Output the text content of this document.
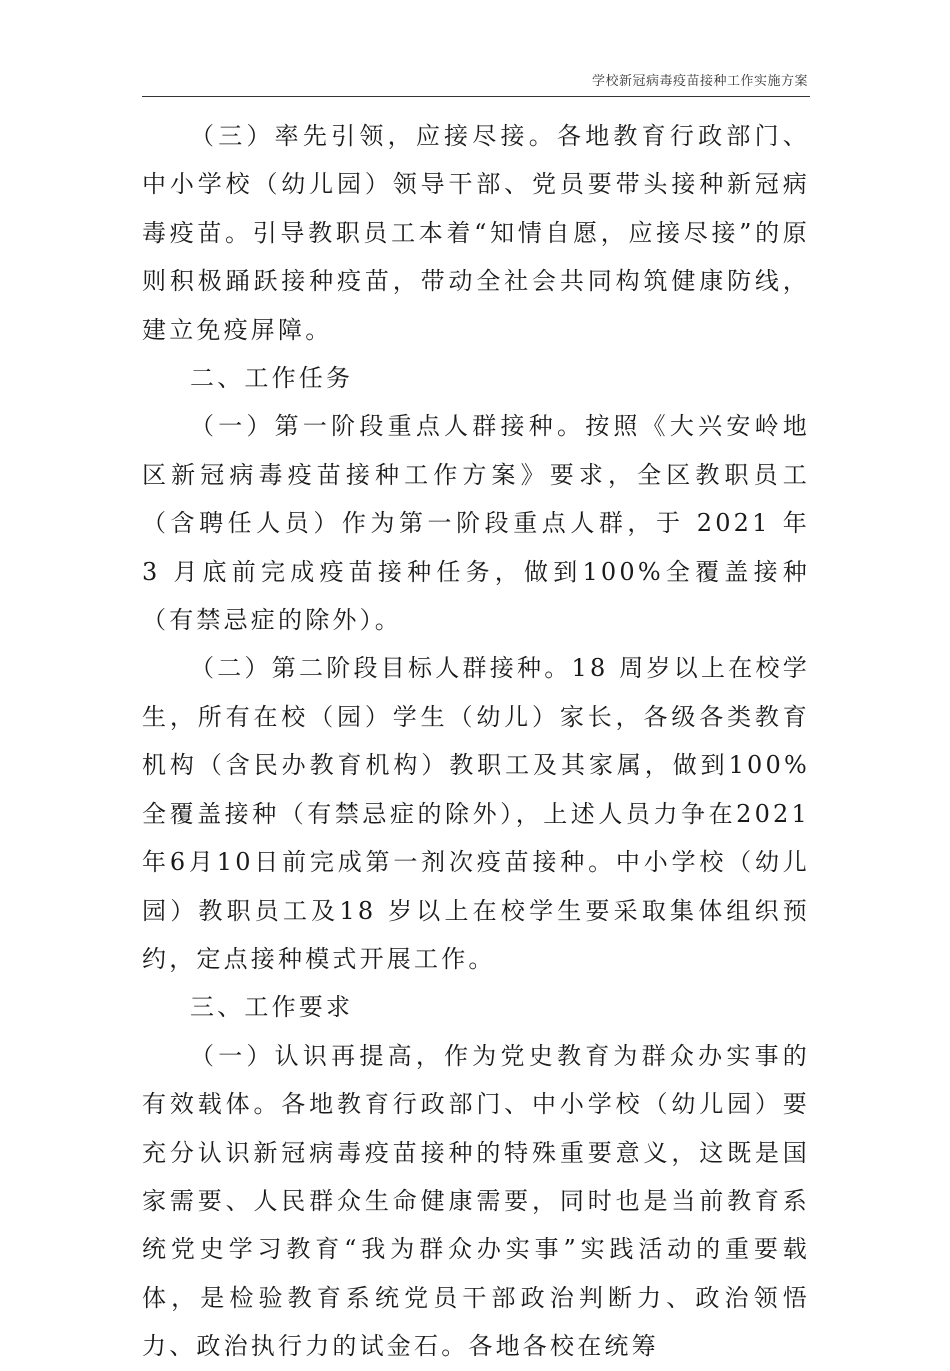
学校新冠病毒疫苗接种工作实施方案

（三）率先引领，应接尽接。各地教育行政部门、中小学校（幼儿园）领导干部、党员要带头接种新冠病毒疫苗。引导教职员工本着“知情自愿，应接尽接”的原则积极踊跃接种疫苗，带动全社会共同构筑健康防线，建立免疫屏障。

二、工作任务

（一）第一阶段重点人群接种。按照《大兴安岭地区新冠病毒疫苗接种工作方案》要求，全区教职员工（含聘任人员）作为第一阶段重点人群，于 2021 年 3 月底前完成疫苗接种任务，做到100%全覆盖接种（有禁忌症的除外）。

（二）第二阶段目标人群接种。18 周岁以上在校学生，所有在校（园）学生（幼儿）家长，各级各类教育机构（含民办教育机构）教职工及其家属，做到100%全覆盖接种（有禁忌症的除外），上述人员力争在2021年6月10日前完成第一剂次疫苗接种。中小学校（幼儿园）教职员工及18 岁以上在校学生要采取集体组织预约，定点接种模式开展工作。

三、工作要求

（一）认识再提高，作为党史教育为群众办实事的有效载体。各地教育行政部门、中小学校（幼儿园）要充分认识新冠病毒疫苗接种的特殊重要意义，这既是国家需要、人民群众生命健康需要，同时也是当前教育系统党史学习教育“我为群众办实事”实践活动的重要载体，是检验教育系统党员干部政治判断力、政治领悟力、政治执行力的试金石。各地各校在统筹
